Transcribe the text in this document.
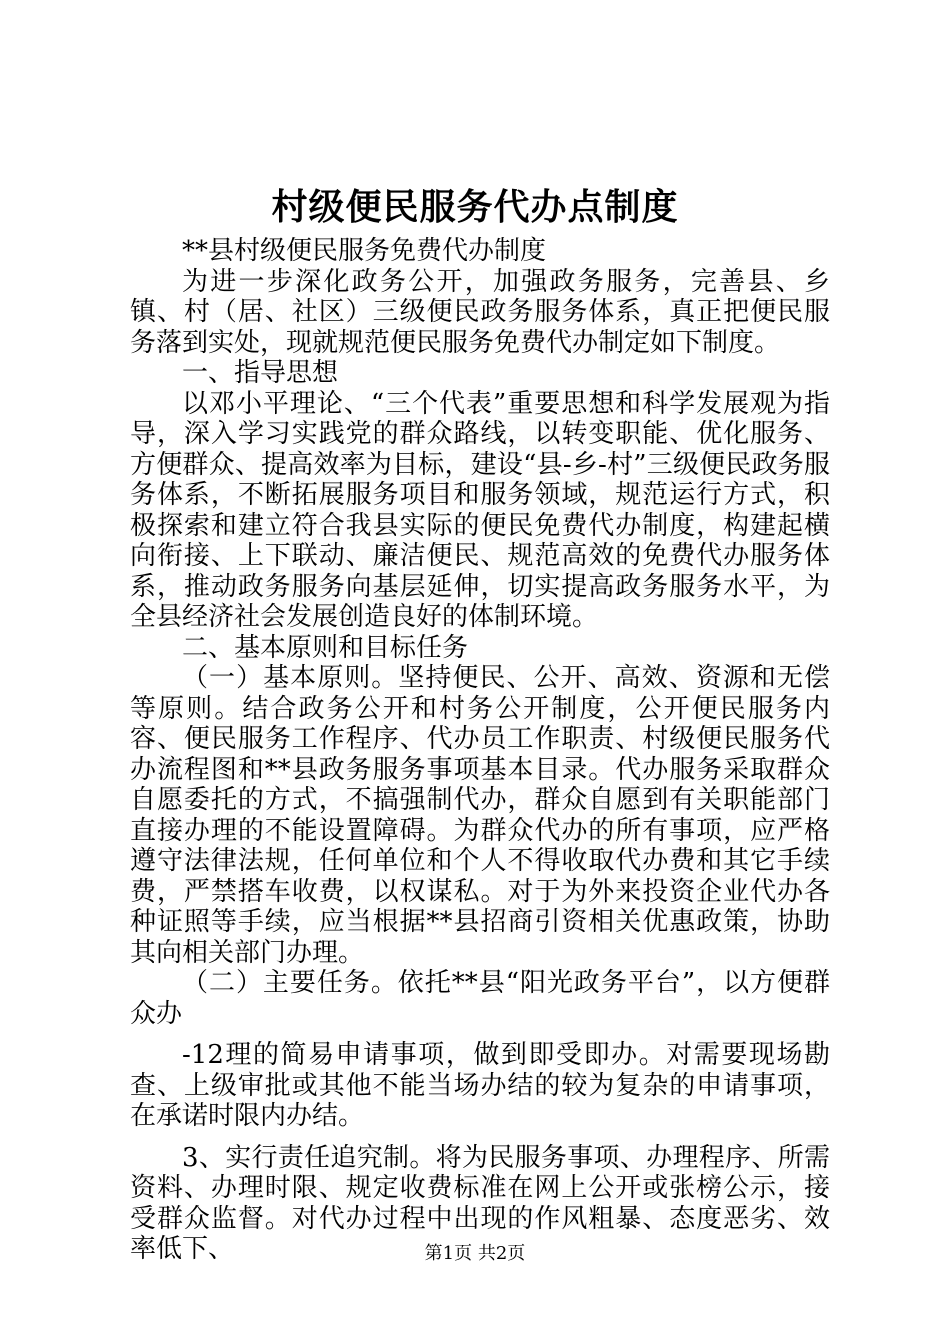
村级便民服务代办点制度

**县村级便民服务免费代办制度

为进一步深化政务公开，加强政务服务，完善县、乡镇、村（居、社区）三级便民政务服务体系，真正把便民服务落到实处，现就规范便民服务免费代办制定如下制度。

一、指导思想

以邓小平理论、“三个代表”重要思想和科学发展观为指导，深入学习实践党的群众路线，以转变职能、优化服务、方便群众、提高效率为目标，建设“县-乡-村”三级便民政务服务体系，不断拓展服务项目和服务领域，规范运行方式，积极探索和建立符合我县实际的便民免费代办制度，构建起横向衔接、上下联动、廉洁便民、规范高效的免费代办服务体系，推动政务服务向基层延伸，切实提高政务服务水平，为全县经济社会发展创造良好的体制环境。

二、基本原则和目标任务

（一）基本原则。坚持便民、公开、高效、资源和无偿等原则。结合政务公开和村务公开制度，公开便民服务内容、便民服务工作程序、代办员工作职责、村级便民服务代办流程图和**县政务服务事项基本目录。代办服务采取群众自愿委托的方式，不搞强制代办，群众自愿到有关职能部门直接办理的不能设置障碍。为群众代办的所有事项，应严格遵守法律法规，任何单位和个人不得收取代办费和其它手续费，严禁搭车收费，以权谋私。对于为外来投资企业代办各种证照等手续，应当根据**县招商引资相关优惠政策，协助其向相关部门办理。

（二）主要任务。依托**县“阳光政务平台”，以方便群众办

-12理的简易申请事项，做到即受即办。对需要现场勘查、上级审批或其他不能当场办结的较为复杂的申请事项，在承诺时限内办结。

3、实行责任追究制。将为民服务事项、办理程序、所需资料、办理时限、规定收费标准在网上公开或张榜公示，接受群众监督。对代办过程中出现的作风粗暴、态度恶劣、效率低下、	第1页 共2页
